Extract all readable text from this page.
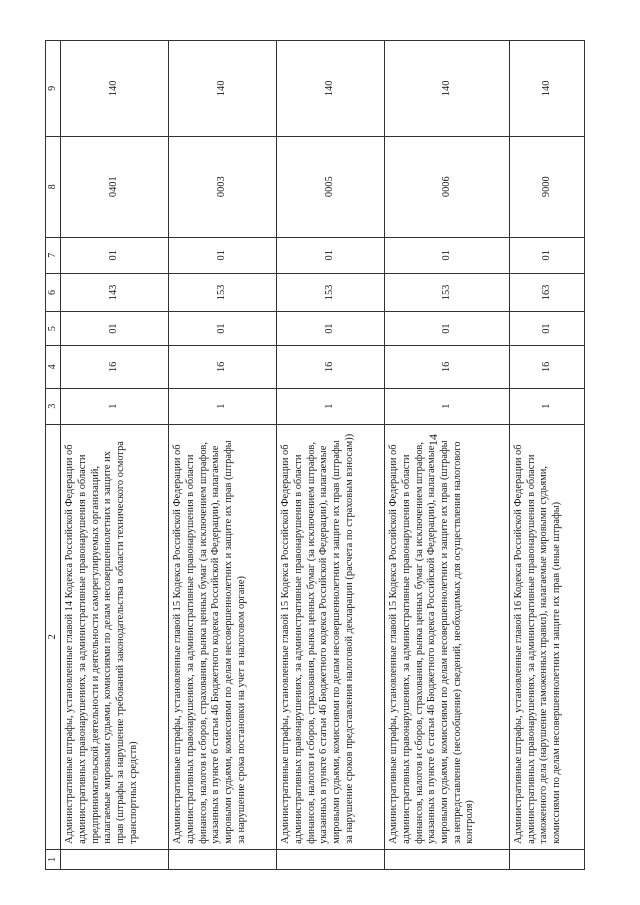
14
1	2	3	4	5	6	7	8	9
	Административные штрафы, установленные главой 14 Кодекса Российской Федерации об административных правонарушениях, за административные правонарушения в области предпринимательской деятельности и деятельности саморегулируемых организаций, налагаемые мировыми судьями, комиссиями по делам несовершеннолетних и защите их прав (штрафы за нарушение требований законодательства в области технического осмотра транспортных средств)	1	16	01	143	01	0401	140
	Административные штрафы, установленные главой 15 Кодекса Российской Федерации об административных правонарушениях, за административные правонарушения в области финансов, налогов и сборов, страхования, рынка ценных бумаг (за исключением штрафов, указанных в пункте 6 статьи 46 Бюджетного кодекса Российской Федерации), налагаемые мировыми судьями, комиссиями по делам несовершеннолетних и защите их прав (штрафы за нарушение срока постановки на учет в налоговом органе)	1	16	01	153	01	0003	140
	Административные штрафы, установленные главой 15 Кодекса Российской Федерации об административных правонарушениях, за административные правонарушения в области финансов, налогов и сборов, страхования, рынка ценных бумаг (за исключением штрафов, указанных в пункте 6 статьи 46 Бюджетного кодекса Российской Федерации), налагаемые мировыми судьями, комиссиями по делам несовершеннолетних и защите их прав (штрафы за нарушение сроков представления налоговой декларации (расчета по страховым взносам))	1	16	01	153	01	0005	140
	Административные штрафы, установленные главой 15 Кодекса Российской Федерации об административных правонарушениях, за административные правонарушения в области финансов, налогов и сборов, страхования, рынка ценных бумаг (за исключением штрафов, указанных в пункте 6 статьи 46 Бюджетного кодекса Российской Федерации), налагаемые мировыми судьями, комиссиями по делам несовершеннолетних и защите их прав (штрафы за непредставление (несообщение) сведений, необходимых для осуществления налогового контроля)	1	16	01	153	01	0006	140
	Административные штрафы, установленные главой 16 Кодекса Российской Федерации об административных правонарушениях, за административные правонарушения в области таможенного дела (нарушение таможенных правил), налагаемые мировыми судьями, комиссиями по делам несовершеннолетних и защите их прав (иные штрафы)	1	16	01	163	01	9000	140
